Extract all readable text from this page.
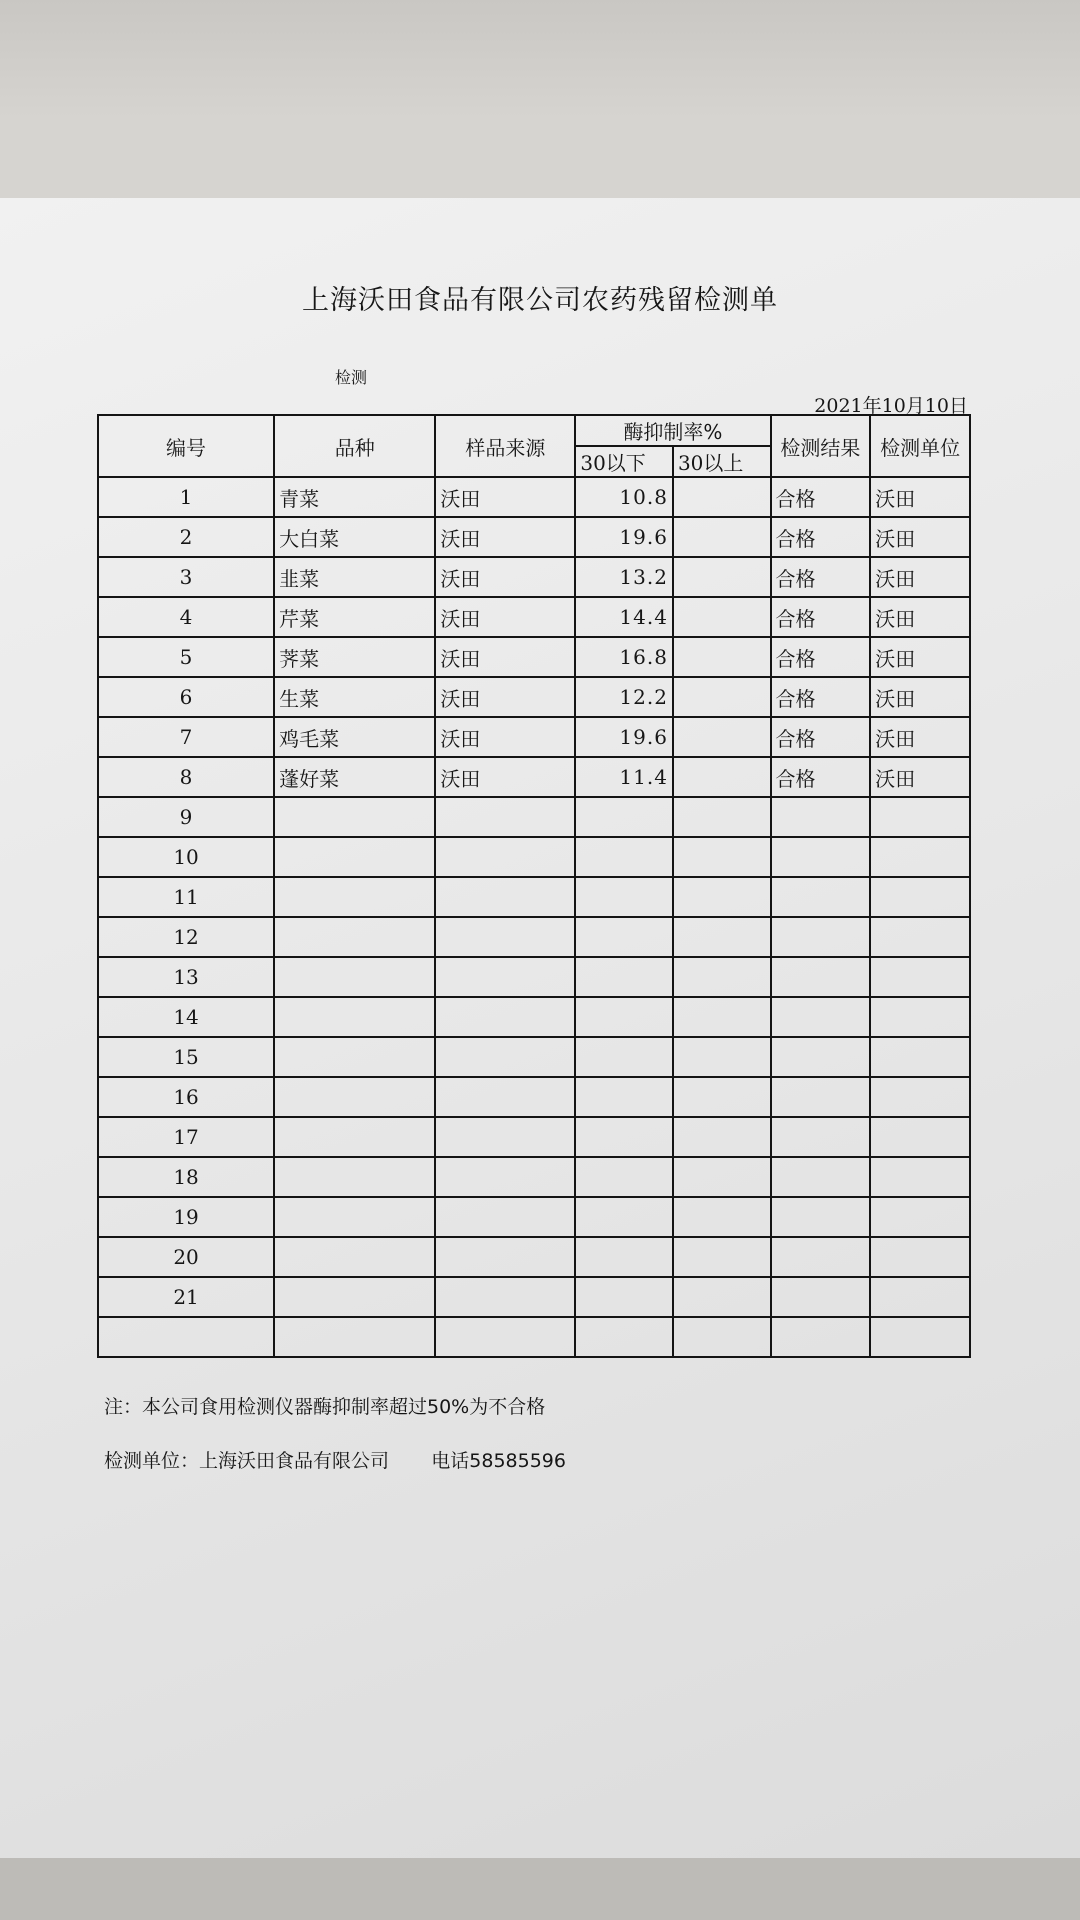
上海沃田食品有限公司农药残留检测单
检测
2021年10月10日
编号	品种	样品来源	酶抑制率%		检测结果	检测单位
			30以下	30以上		
1	青菜	沃田	10.8		合格	沃田
2	大白菜	沃田	19.6		合格	沃田
3	韭菜	沃田	13.2		合格	沃田
4	芹菜	沃田	14.4		合格	沃田
5	荠菜	沃田	16.8		合格	沃田
6	生菜	沃田	12.2		合格	沃田
7	鸡毛菜	沃田	19.6		合格	沃田
8	蓬好菜	沃田	11.4		合格	沃田
9						
10						
11						
12						
13						
14						
15						
16						
17						
18						
19						
20						
21						

注：本公司食用检测仪器酶抑制率超过50%为不合格
检测单位：上海沃田食品有限公司       电话58585596
